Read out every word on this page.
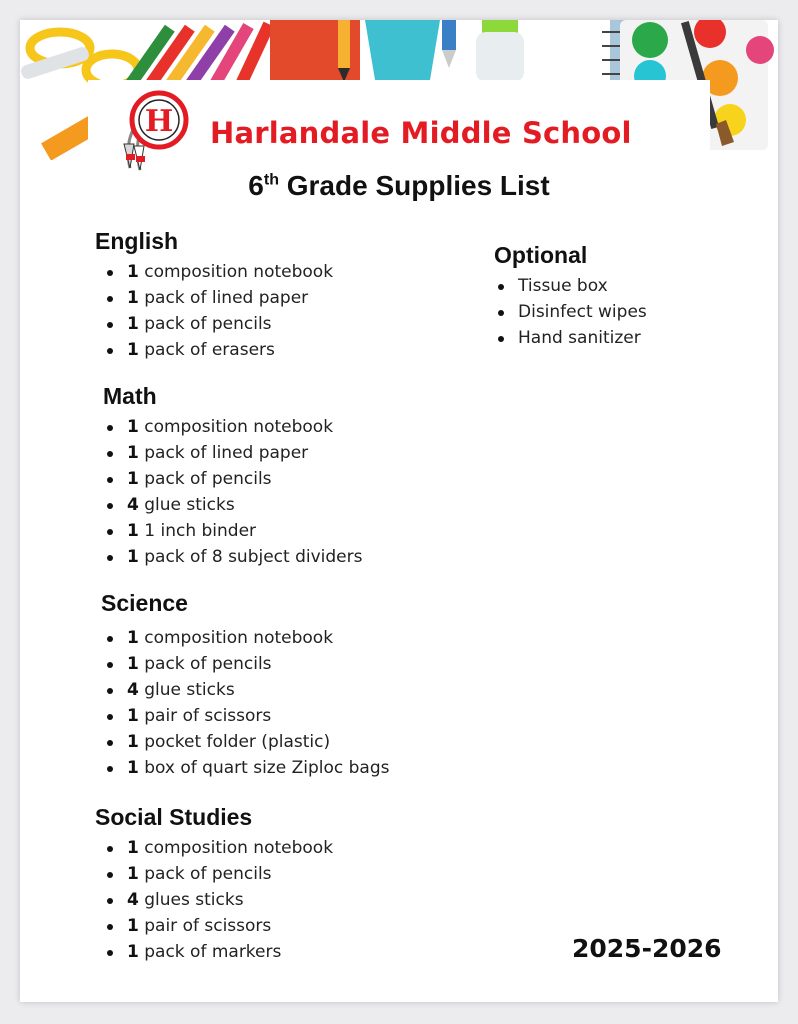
H Harlandale Middle School
6th Grade Supplies List
English
1 composition notebook
1 pack of lined paper
1 pack of pencils
1 pack of erasers
Math
1 composition notebook
1 pack of lined paper
1 pack of pencils
4 glue sticks
1 1 inch binder
1 pack of 8 subject dividers
Science
1 composition notebook
1 pack of pencils
4 glue sticks
1 pair of scissors
1 pocket folder (plastic)
1 box of quart size Ziploc bags
Social Studies
1 composition notebook
1 pack of pencils
4 glues sticks
1 pair of scissors
1 pack of markers
Optional
Tissue box
Disinfect wipes
Hand sanitizer
2025-2026
